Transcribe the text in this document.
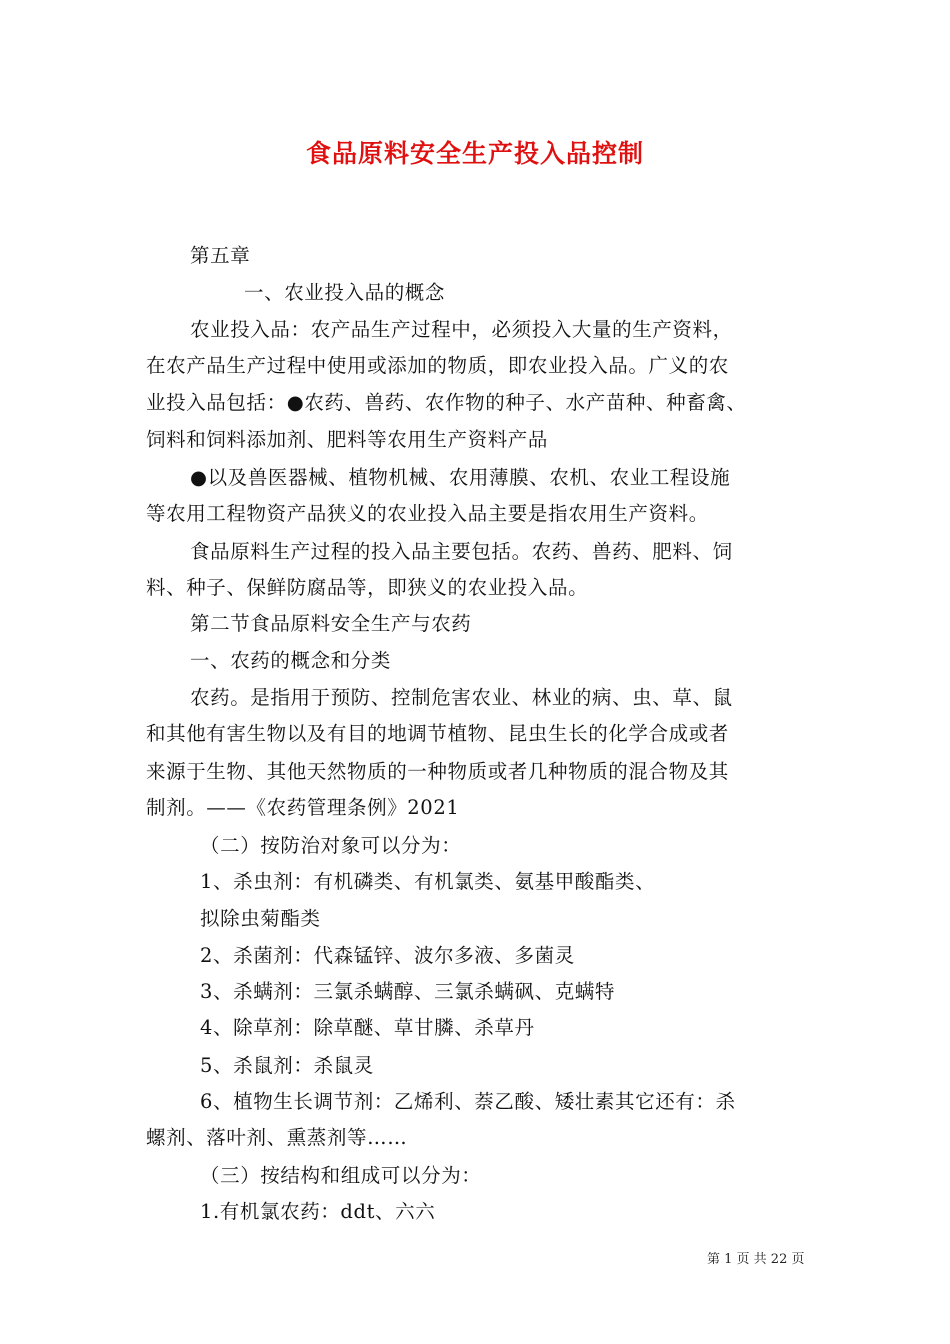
食品原料安全生产投入品控制
第五章
一、农业投入品的概念
农业投入品：农产品生产过程中，必须投入大量的生产资料，
在农产品生产过程中使用或添加的物质，即农业投入品。广义的农
业投入品包括：●农药、兽药、农作物的种子、水产苗种、种畜禽、
饲料和饲料添加剂、肥料等农用生产资料产品
●以及兽医器械、植物机械、农用薄膜、农机、农业工程设施
等农用工程物资产品狭义的农业投入品主要是指农用生产资料。
食品原料生产过程的投入品主要包括。农药、兽药、肥料、饲
料、种子、保鲜防腐品等，即狭义的农业投入品。
第二节食品原料安全生产与农药
一、农药的概念和分类
农药。是指用于预防、控制危害农业、林业的病、虫、草、鼠
和其他有害生物以及有目的地调节植物、昆虫生长的化学合成或者
来源于生物、其他天然物质的一种物质或者几种物质的混合物及其
制剂。——《农药管理条例》2021
（二）按防治对象可以分为：
1、杀虫剂：有机磷类、有机氯类、氨基甲酸酯类、
拟除虫菊酯类
2、杀菌剂：代森锰锌、波尔多液、多菌灵
3、杀螨剂：三氯杀螨醇、三氯杀螨砜、克螨特
4、除草剂：除草醚、草甘膦、杀草丹
5、杀鼠剂：杀鼠灵
6、植物生长调节剂：乙烯利、萘乙酸、矮壮素其它还有：杀
螺剂、落叶剂、熏蒸剂等……
（三）按结构和组成可以分为：
1.有机氯农药：ddt、六六
第 1 页 共 22 页
